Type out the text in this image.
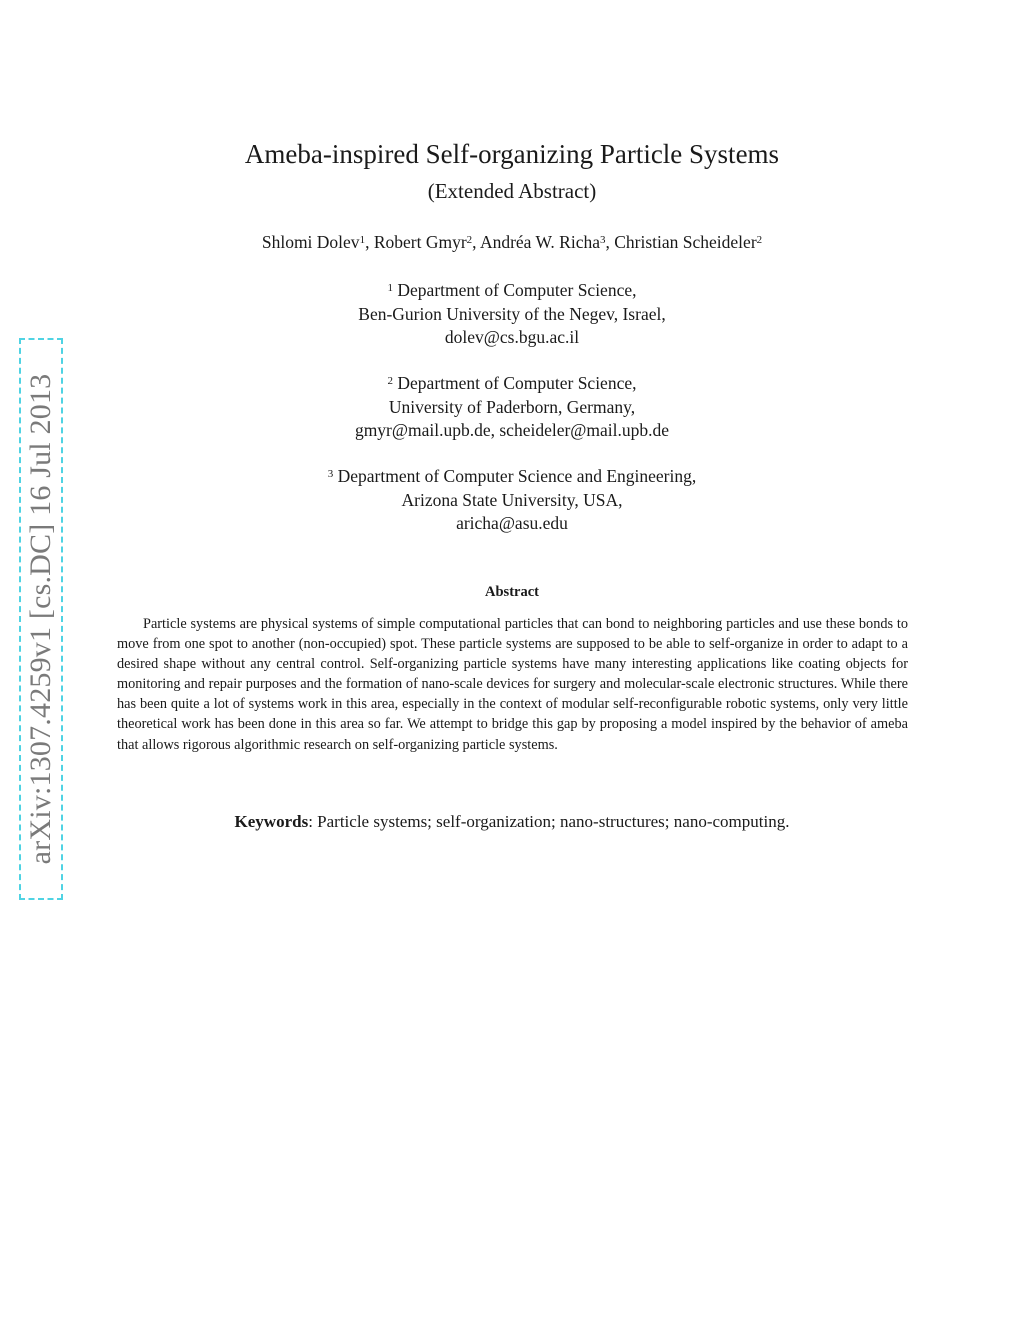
arXiv:1307.4259v1 [cs.DC] 16 Jul 2013
Ameba-inspired Self-organizing Particle Systems
(Extended Abstract)
Shlomi Dolev$^1$, Robert Gmyr$^2$, Andréa W. Richa$^3$, Christian Scheideler$^2$
$^1$ Department of Computer Science,
Ben-Gurion University of the Negev, Israel,
dolev@cs.bgu.ac.il
$^2$ Department of Computer Science,
University of Paderborn, Germany,
gmyr@mail.upb.de, scheideler@mail.upb.de
$^3$ Department of Computer Science and Engineering,
Arizona State University, USA,
aricha@asu.edu
Abstract

Particle systems are physical systems of simple computational particles that can bond to neighboring particles and use these bonds to move from one spot to another (non-occupied) spot. These particle systems are supposed to be able to self-organize in order to adapt to a desired shape without any central control. Self-organizing particle systems have many interesting applications like coating objects for monitoring and repair purposes and the formation of nano-scale devices for surgery and molecular-scale electronic structures. While there has been quite a lot of systems work in this area, especially in the context of modular self-reconfigurable robotic systems, only very little theoretical work has been done in this area so far. We attempt to bridge this gap by proposing a model inspired by the behavior of ameba that allows rigorous algorithmic research on self-organizing particle systems.

Keywords: Particle systems; self-organization; nano-structures; nano-computing.
